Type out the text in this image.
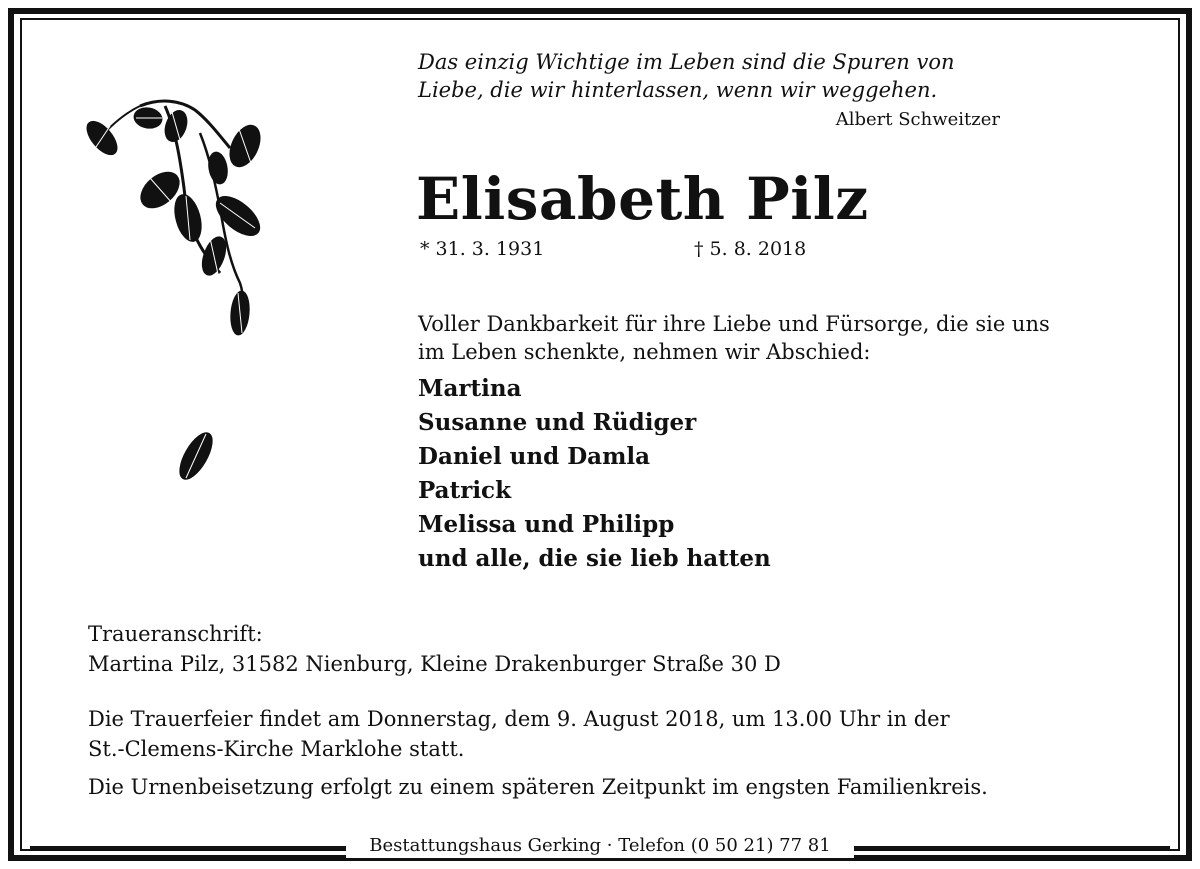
Das einzig Wichtige im Leben sind die Spuren von
Liebe, die wir hinterlassen, wenn wir weggehen.
Albert Schweitzer
Elisabeth Pilz
* 31. 3. 1931	† 5. 8. 2018
Voller Dankbarkeit für ihre Liebe und Fürsorge, die sie uns
im Leben schenkte, nehmen wir Abschied:
Martina
Susanne und Rüdiger
Daniel und Damla
Patrick
Melissa und Philipp
und alle, die sie lieb hatten
Traueranschrift:
Martina Pilz, 31582 Nienburg, Kleine Drakenburger Straße 30 D
Die Trauerfeier findet am Donnerstag, dem 9. August 2018, um 13.00 Uhr in der
St.-Clemens-Kirche Marklohe statt.
Die Urnenbeisetzung erfolgt zu einem späteren Zeitpunkt im engsten Familienkreis.
Bestattungshaus Gerking · Telefon (0 50 21) 77 81
